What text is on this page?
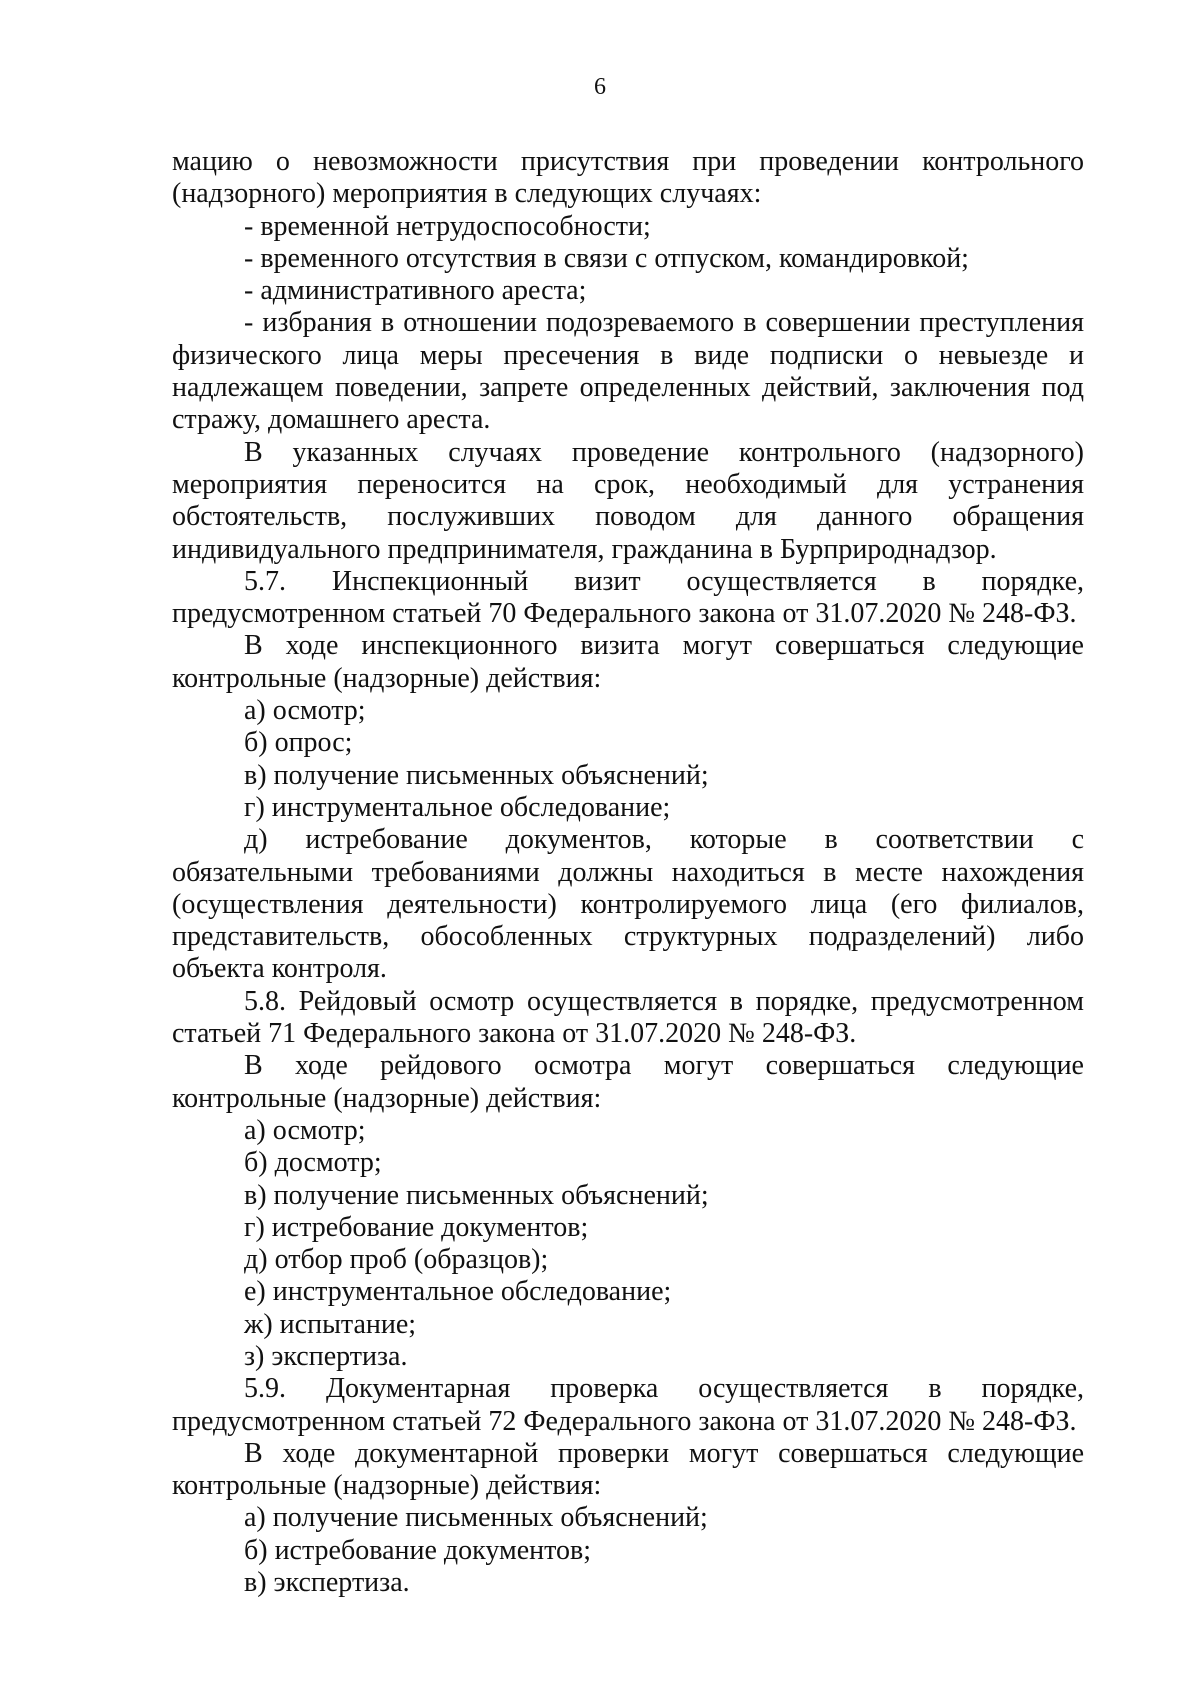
6

мацию о невозможности присутствия при проведении контрольного (надзорного) мероприятия в следующих случаях:

- временной нетрудоспособности;

- временного отсутствия в связи с отпуском, командировкой;

- административного ареста;

- избрания в отношении подозреваемого в совершении преступления физического лица меры пресечения в виде подписки о невыезде и надлежащем поведении, запрете определенных действий, заключения под стражу, домашнего ареста.

В указанных случаях проведение контрольного (надзорного) мероприятия переносится на срок, необходимый для устранения обстоятельств, послуживших поводом для данного обращения индивидуального предпринимателя, гражданина в Бурприроднадзор.

5.7. Инспекционный визит осуществляется в порядке, предусмотренном статьей 70 Федерального закона от 31.07.2020 № 248-ФЗ.

В ходе инспекционного визита могут совершаться следующие контрольные (надзорные) действия:

а) осмотр;

б) опрос;

в) получение письменных объяснений;

г) инструментальное обследование;

д) истребование документов, которые в соответствии с обязательными требованиями должны находиться в месте нахождения (осуществления деятельности) контролируемого лица (его филиалов, представительств, обособленных структурных подразделений) либо объекта контроля.

5.8. Рейдовый осмотр осуществляется в порядке, предусмотренном статьей 71 Федерального закона от 31.07.2020 № 248-ФЗ.

В ходе рейдового осмотра могут совершаться следующие контрольные (надзорные) действия:

а) осмотр;

б) досмотр;

в) получение письменных объяснений;

г) истребование документов;

д) отбор проб (образцов);

е) инструментальное обследование;

ж) испытание;

з) экспертиза.

5.9. Документарная проверка осуществляется в порядке, предусмотренном статьей 72 Федерального закона от 31.07.2020 № 248-ФЗ.

В ходе документарной проверки могут совершаться следующие контрольные (надзорные) действия:

а) получение письменных объяснений;

б) истребование документов;

в) экспертиза.
